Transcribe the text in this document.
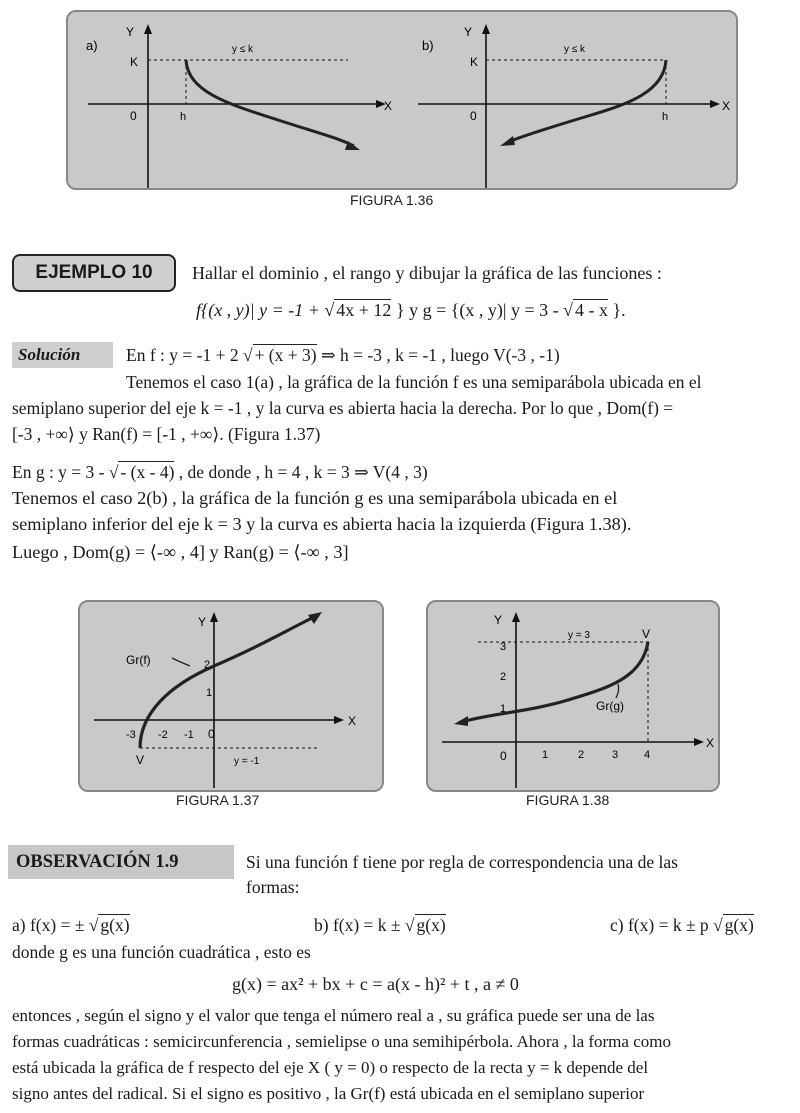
a)
Y
X
K
0	h
y ≤ k	b)
Y
X
K
0	h
y ≤ k
FIGURA 1.36
EJEMPLO 10	Hallar el dominio , el rango y dibujar la gráfica de las funciones :
f{(x , y)| y = -1 + √ 4x + 12 } y g = {(x , y)| y = 3 - √ 4 - x }.
Solución	En f : y = -1 + 2 √ + (x + 3) ⇒ h = -3 , k = -1 , luego V(-3 , -1)
Tenemos el caso 1(a) , la gráfica de la función f es una semiparábola ubicada en el
semiplano superior del eje k = -1 , y la curva es abierta hacia la derecha. Por lo que , Dom(f) =
[-3 , +∞⟩ y Ran(f) = [-1 , +∞⟩. (Figura 1.37)
En g : y = 3 - √ - (x - 4) , de donde , h = 4 , k = 3 ⇒ V(4 , 3)
Tenemos el caso 2(b) , la gráfica de la función g es una semiparábola ubicada en el
semiplano inferior del eje k = 3 y la curva es abierta hacia la izquierda (Figura 1.38).
Luego , Dom(g) = ⟨-∞ , 4] y Ran(g) = ⟨-∞ , 3]
Y
X
-3 -2 -1 0
2
1
y = -1
V
Gr(f)
FIGURA 1.37
Y
X
0	1	2	3 4
3
2
1
y = 3	V
Gr(g)
FIGURA 1.38
OBSERVACIÓN 1.9	Si una función f tiene por regla de correspondencia una de las
formas:
a) f(x) = ± √ g(x)	b) f(x) = k ± √ g(x)	c) f(x) = k ± p √ g(x)
donde g es una función cuadrática , esto es
g(x) = ax² + bx + c = a(x - h)² + t , a ≠ 0
entonces , según el signo y el valor que tenga el número real a , su gráfica puede ser una de las
formas cuadráticas : semicircunferencia , semielipse o una semihipérbola. Ahora , la forma como
está ubicada la gráfica de f respecto del eje X ( y = 0) o respecto de la recta y = k depende del
signo antes del radical. Si el signo es positivo , la Gr(f) está ubicada en el semiplano superior
